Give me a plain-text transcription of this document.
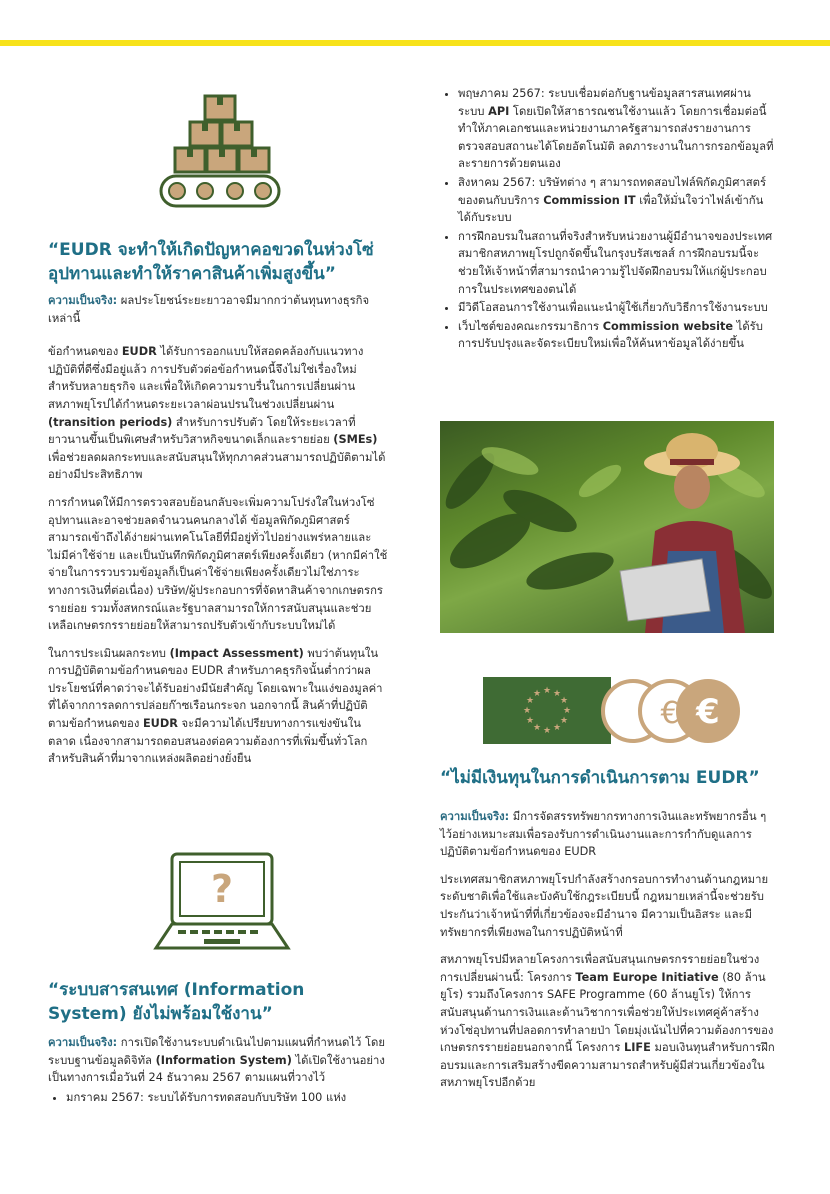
“EUDR จะทำให้เกิดปัญหาคอขวดในห่วงโซ่อุปทานและทำให้ราคาสินค้าเพิ่มสูงขึ้น”

ความเป็นจริง: ผลประโยชน์ระยะยาวอาจมีมากกว่าต้นทุนทางธุรกิจเหล่านี้

ข้อกำหนดของ EUDR ได้รับการออกแบบให้สอดคล้องกับแนวทางปฏิบัติที่ดีซึ่งมีอยู่แล้ว การปรับตัวต่อข้อกำหนดนี้จึงไม่ใช่เรื่องใหม่สำหรับหลายธุรกิจ และเพื่อให้เกิดความราบรื่นในการเปลี่ยนผ่าน สหภาพยุโรปได้กำหนดระยะเวลาผ่อนปรนในช่วงเปลี่ยนผ่าน (transition periods) สำหรับการปรับตัว โดยให้ระยะเวลาที่ยาวนานขึ้นเป็นพิเศษสำหรับวิสาหกิจขนาดเล็กและรายย่อย (SMEs) เพื่อช่วยลดผลกระทบและสนับสนุนให้ทุกภาคส่วนสามารถปฏิบัติตามได้อย่างมีประสิทธิภาพ

การกำหนดให้มีการตรวจสอบย้อนกลับจะเพิ่มความโปร่งใสในห่วงโซ่อุปทานและอาจช่วยลดจำนวนคนกลางได้ ข้อมูลพิกัดภูมิศาสตร์สามารถเข้าถึงได้ง่ายผ่านเทคโนโลยีที่มีอยู่ทั่วไปอย่างแพร่หลายและไม่มีค่าใช้จ่าย และเป็นบันทึกพิกัดภูมิศาสตร์เพียงครั้งเดียว (หากมีค่าใช้จ่ายในการรวบรวมข้อมูลก็เป็นค่าใช้จ่ายเพียงครั้งเดียวไม่ใช่ภาระทางการเงินที่ต่อเนื่อง) บริษัท/ผู้ประกอบการที่จัดหาสินค้าจากเกษตรกรรายย่อย รวมทั้งสหกรณ์และรัฐบาลสามารถให้การสนับสนุนและช่วยเหลือเกษตรกรรายย่อยให้สามารถปรับตัวเข้ากับระบบใหม่ได้

ในการประเมินผลกระทบ (Impact Assessment) พบว่าต้นทุนในการปฏิบัติตามข้อกำหนดของ EUDR สำหรับภาคธุรกิจนั้นต่ำกว่าผลประโยชน์ที่คาดว่าจะได้รับอย่างมีนัยสำคัญ โดยเฉพาะในแง่ของมูลค่าที่ได้จากการลดการปล่อยก๊าซเรือนกระจก นอกจากนี้ สินค้าที่ปฏิบัติตามข้อกำหนดของ EUDR จะมีความได้เปรียบทางการแข่งขันในตลาด เนื่องจากสามารถตอบสนองต่อความต้องการที่เพิ่มขึ้นทั่วโลกสำหรับสินค้าที่มาจากแหล่งผลิตอย่างยั่งยืน

?
“ระบบสารสนเทศ (Information System) ยังไม่พร้อมใช้งาน”

ความเป็นจริง: การเปิดใช้งานระบบดำเนินไปตามแผนที่กำหนดไว้ โดยระบบฐานข้อมูลดิจิทัล (Information System) ได้เปิดใช้งานอย่างเป็นทางการเมื่อวันที่ 24 ธันวาคม 2567 ตามแผนที่วางไว้

• มกราคม 2567: ระบบได้รับการทดสอบกับบริษัท 100 แห่ง
• พฤษภาคม 2567: ระบบเชื่อมต่อกับฐานข้อมูลสารสนเทศผ่านระบบ API โดยเปิดให้สาธารณชนใช้งานแล้ว โดยการเชื่อมต่อนี้ทำให้ภาคเอกชนและหน่วยงานภาครัฐสามารถส่งรายงานการตรวจสอบสถานะได้โดยอัตโนมัติ ลดภาระงานในการกรอกข้อมูลที่ละรายการด้วยตนเอง
• สิงหาคม 2567: บริษัทต่าง ๆ สามารถทดสอบไฟล์พิกัดภูมิศาสตร์ของตนกับบริการ Commission IT เพื่อให้มั่นใจว่าไฟล์เข้ากันได้กับระบบ
• การฝึกอบรมในสถานที่จริงสำหรับหน่วยงานผู้มีอำนาจของประเทศสมาชิกสหภาพยุโรปถูกจัดขึ้นในกรุงบรัสเซลส์ การฝึกอบรมนี้จะช่วยให้เจ้าหน้าที่สามารถนำความรู้ไปจัดฝึกอบรมให้แก่ผู้ประกอบการในประเทศของตนได้
• มีวิดีโอสอนการใช้งานเพื่อแนะนำผู้ใช้เกี่ยวกับวิธีการใช้งานระบบ
• เว็บไซต์ของคณะกรรมาธิการ Commission website ได้รับการปรับปรุงและจัดระเบียบใหม่เพื่อให้ค้นหาข้อมูลได้ง่ายขึ้น
★ ★
★
★
★
★
★
★
★
★
★
★	€
€
“ไม่มีเงินทุนในการดำเนินการตาม EUDR”

ความเป็นจริง: มีการจัดสรรทรัพยากรทางการเงินและทรัพยากรอื่น ๆ ไว้อย่างเหมาะสมเพื่อรองรับการดำเนินงานและการกำกับดูแลการปฏิบัติตามข้อกำหนดของ EUDR

ประเทศสมาชิกสหภาพยุโรปกำลังสร้างกรอบการทำงานด้านกฎหมายระดับชาติเพื่อใช้และบังคับใช้กฎระเบียบนี้ กฎหมายเหล่านี้จะช่วยรับประกันว่าเจ้าหน้าที่ที่เกี่ยวข้องจะมีอำนาจ มีความเป็นอิสระ และมีทรัพยากรที่เพียงพอในการปฏิบัติหน้าที่

สหภาพยุโรปมีหลายโครงการเพื่อสนับสนุนเกษตรกรรายย่อยในช่วงการเปลี่ยนผ่านนี้: โครงการ Team Europe Initiative (80 ล้านยูโร) รวมถึงโครงการ SAFE Programme (60 ล้านยูโร) ให้การสนับสนุนด้านการเงินและด้านวิชาการเพื่อช่วยให้ประเทศคู่ค้าสร้างห่วงโซ่อุปทานที่ปลอดการทำลายป่า โดยมุ่งเน้นไปที่ความต้องการของเกษตรกรรายย่อยนอกจากนี้ โครงการ LIFE มอบเงินทุนสำหรับการฝึกอบรมและการเสริมสร้างขีดความสามารถสำหรับผู้มีส่วนเกี่ยวข้องในสหภาพยุโรปอีกด้วย
